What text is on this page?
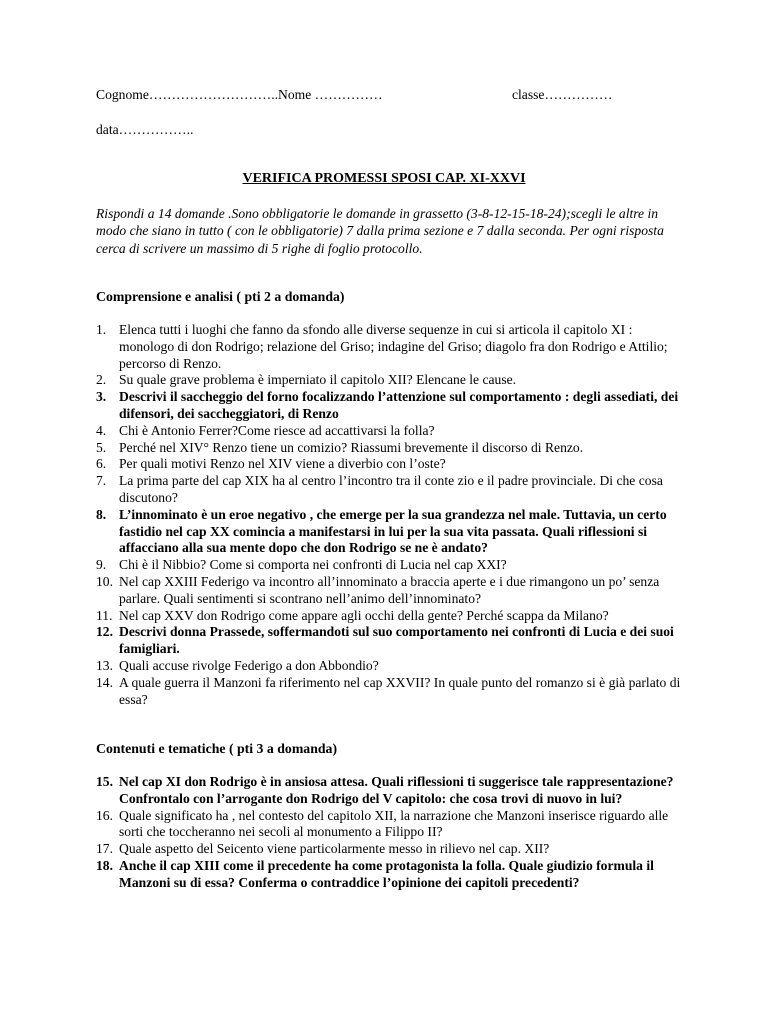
Cognome………………………..Nome ……………	classe……………
data……………..
VERIFICA PROMESSI SPOSI CAP. XI-XXVI
Rispondi a 14 domande .Sono obbligatorie le domande in grassetto (3-8-12-15-18-24);scegli le altre in modo che siano in tutto ( con le obbligatorie) 7 dalla prima sezione e 7 dalla seconda. Per ogni risposta cerca di scrivere un massimo di 5 righe di foglio protocollo.
Comprensione e analisi ( pti 2 a domanda)
1. Elenca tutti i luoghi che fanno da sfondo alle diverse sequenze in cui si articola il capitolo XI : monologo di don Rodrigo; relazione del Griso; indagine del Griso; diagolo fra don Rodrigo e Attilio; percorso di Renzo.
2. Su quale grave problema è imperniato il capitolo XII? Elencane le cause.
3. Descrivi il saccheggio del forno focalizzando l’attenzione sul comportamento : degli assediati, dei difensori, dei saccheggiatori, di Renzo
4. Chi è Antonio Ferrer?Come riesce ad accattivarsi la folla?
5. Perché nel XIV° Renzo tiene un comizio? Riassumi brevemente il discorso di Renzo.
6. Per quali motivi Renzo nel XIV viene a diverbio con l’oste?
7. La prima parte del cap XIX ha al centro l’incontro tra il conte zio e il padre provinciale. Di che cosa discutono?
8. L’innominato è un eroe negativo , che emerge per la sua grandezza nel male. Tuttavia, un certo fastidio nel cap XX comincia a manifestarsi in lui per la sua vita passata. Quali riflessioni si affacciano alla sua mente dopo che don Rodrigo se ne è andato?
9. Chi è il Nibbio? Come si comporta nei confronti di Lucia nel cap XXI?
10. Nel cap XXIII Federigo va incontro all’innominato a braccia aperte e i due rimangono un po’ senza parlare. Quali sentimenti si scontrano nell’animo dell’innominato?
11. Nel cap XXV don Rodrigo come appare agli occhi della gente? Perché scappa da Milano?
12. Descrivi donna Prassede, soffermandoti sul suo comportamento nei confronti di Lucia e dei suoi famigliari.
13. Quali accuse rivolge Federigo a don Abbondio?
14. A quale guerra il Manzoni fa riferimento nel cap XXVII? In quale punto del romanzo si è già parlato di essa?
Contenuti e tematiche ( pti 3 a domanda)
15. Nel cap XI don Rodrigo è in ansiosa attesa. Quali riflessioni ti suggerisce tale rappresentazione? Confrontalo con l’arrogante don Rodrigo del V capitolo: che cosa trovi di nuovo in lui?
16. Quale significato ha , nel contesto del capitolo XII, la narrazione che Manzoni inserisce riguardo alle sorti che toccheranno nei secoli al monumento a Filippo II?
17. Quale aspetto del Seicento viene particolarmente messo in rilievo nel cap. XII?
18. Anche il cap XIII come il precedente ha come protagonista la folla. Quale giudizio formula il Manzoni su di essa? Conferma o contraddice l’opinione dei capitoli precedenti?
